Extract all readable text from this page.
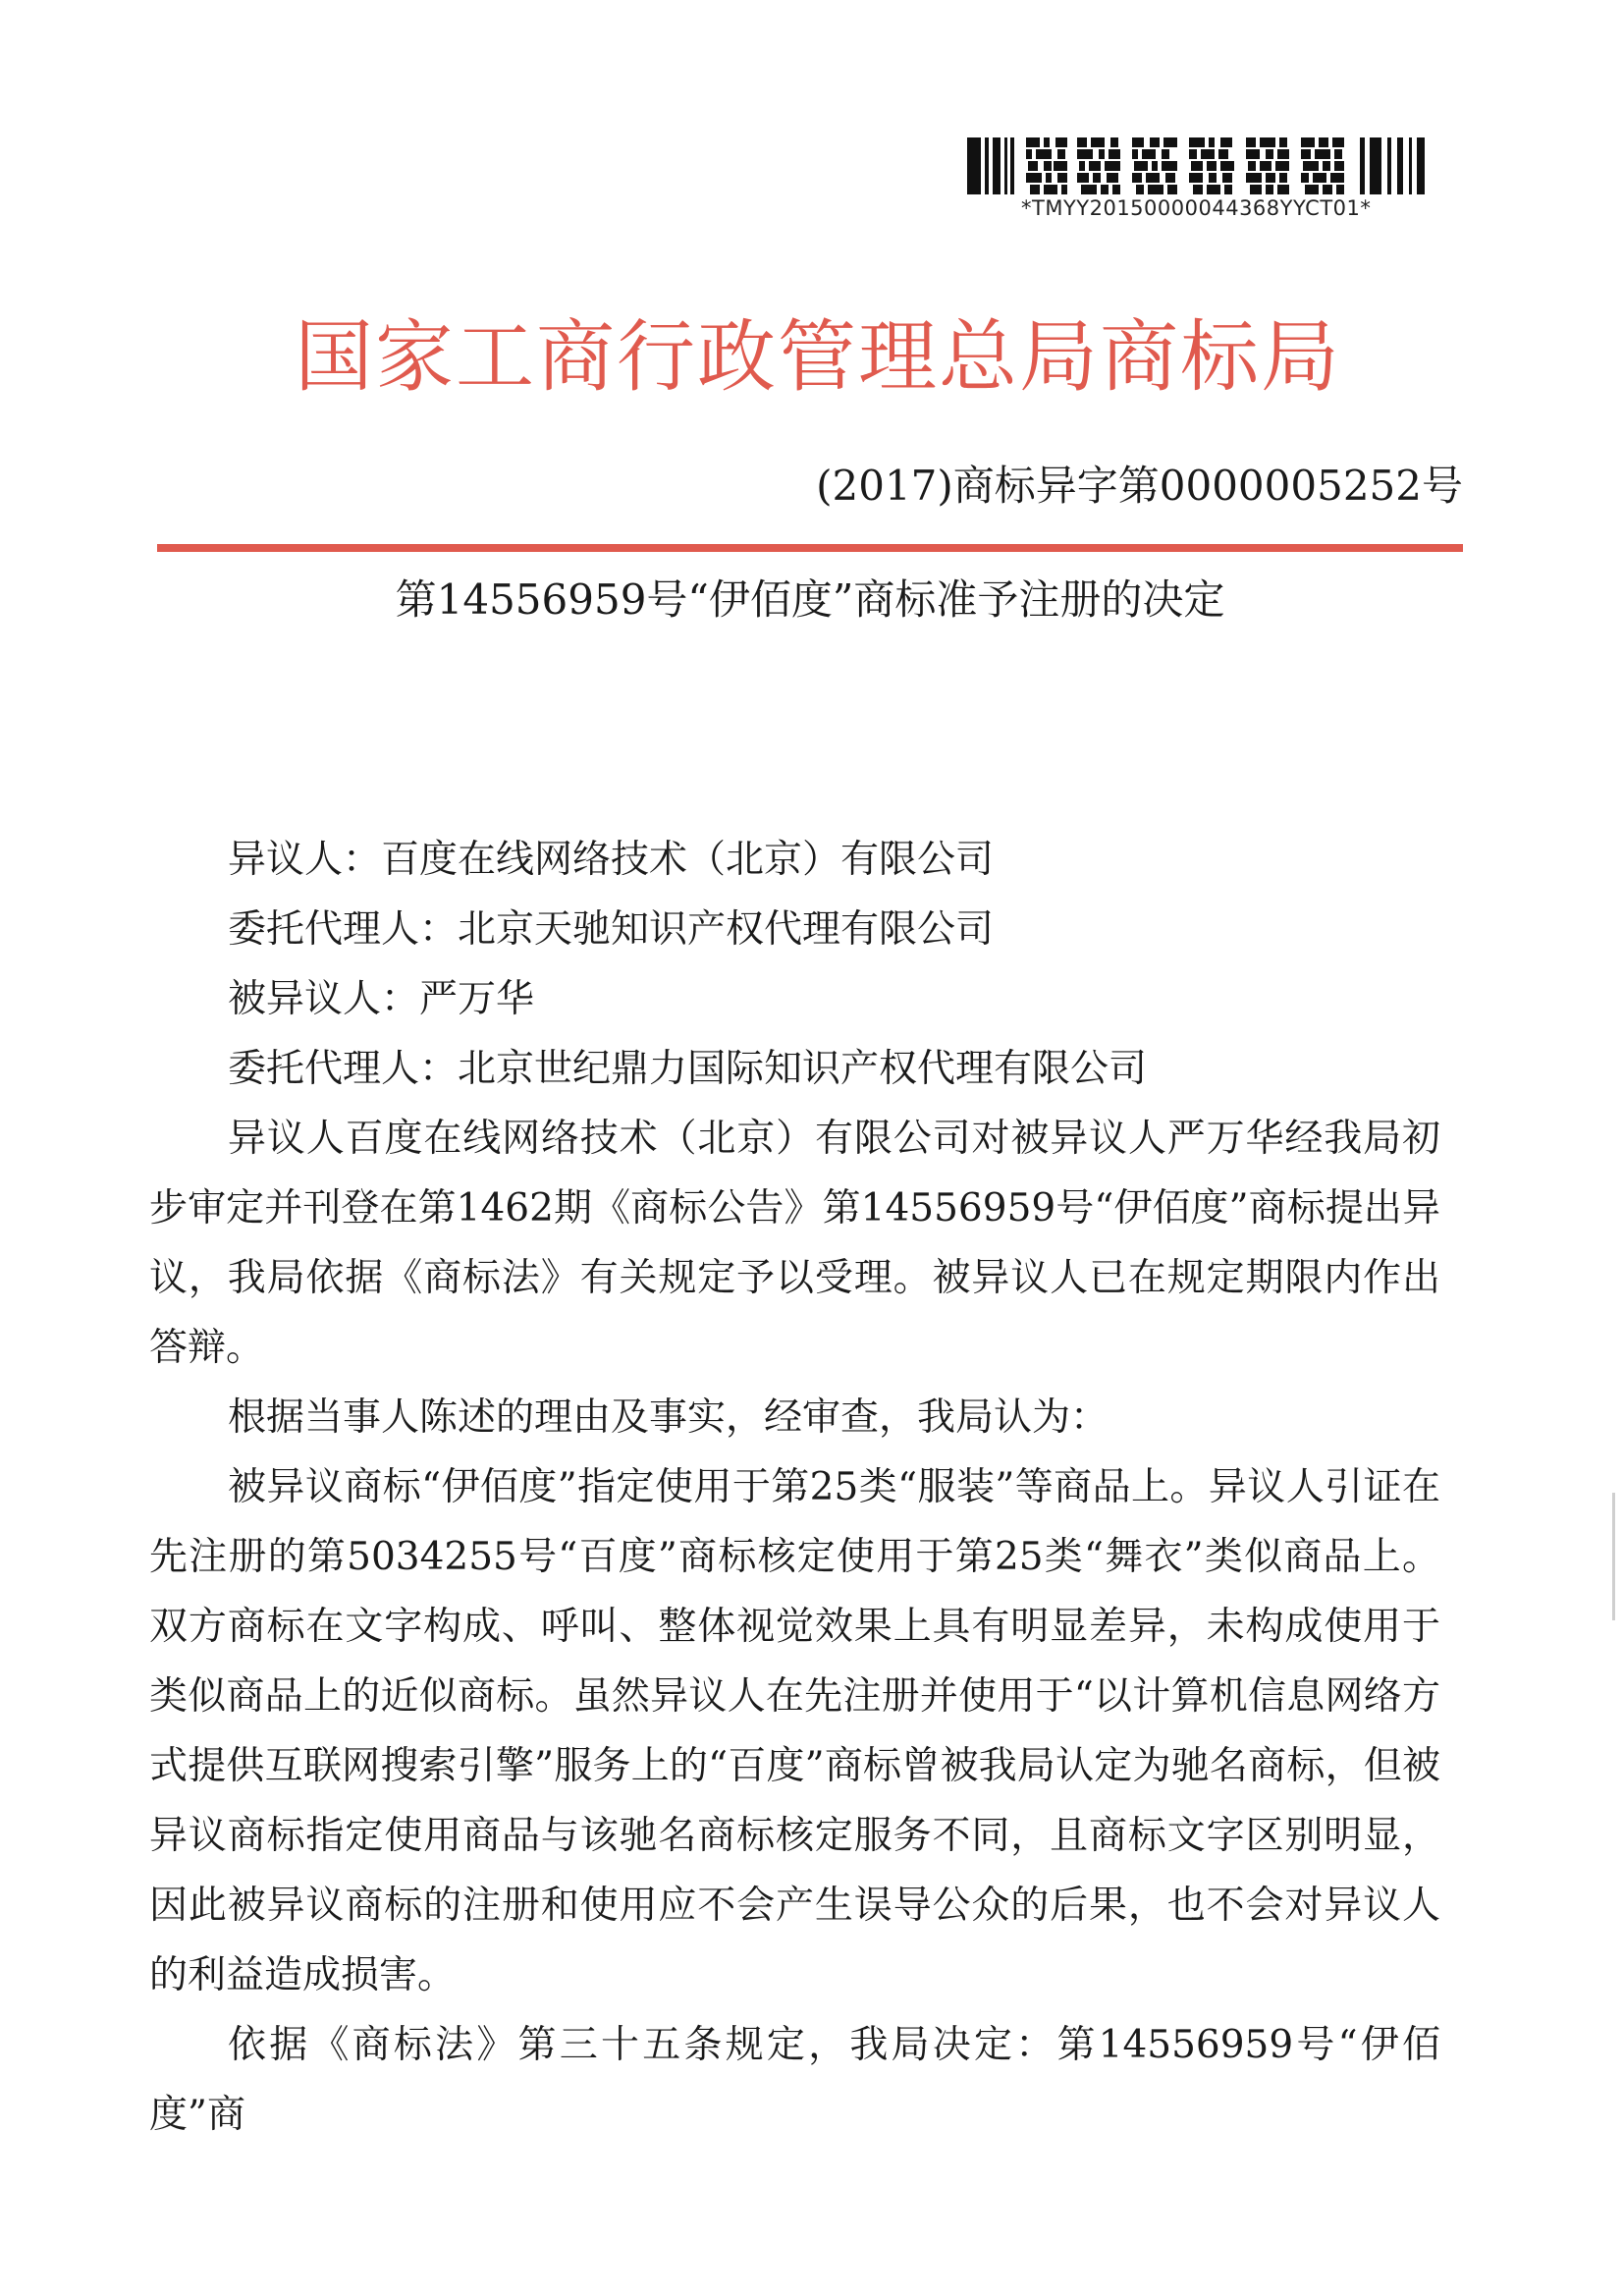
*TMYY20150000044368YYCT01*
国家工商行政管理总局商标局
(2017)商标异字第0000005252号
第14556959号“伊佰度”商标准予注册的决定

异议人：百度在线网络技术（北京）有限公司

委托代理人：北京天驰知识产权代理有限公司

被异议人：严万华

委托代理人：北京世纪鼎力国际知识产权代理有限公司

异议人百度在线网络技术（北京）有限公司对被异议人严万华经我局初步审定并刊登在第1462期《商标公告》第14556959号“伊佰度”商标提出异议，我局依据《商标法》有关规定予以受理。被异议人已在规定期限内作出答辩。

根据当事人陈述的理由及事实，经审查，我局认为：

被异议商标“伊佰度”指定使用于第25类“服装”等商品上。异议人引证在先注册的第5034255号“百度”商标核定使用于第25类“舞衣”类似商品上。双方商标在文字构成、呼叫、整体视觉效果上具有明显差异，未构成使用于类似商品上的近似商标。虽然异议人在先注册并使用于“以计算机信息网络方式提供互联网搜索引擎”服务上的“百度”商标曾被我局认定为驰名商标，但被异议商标指定使用商品与该驰名商标核定服务不同，且商标文字区别明显，因此被异议商标的注册和使用应不会产生误导公众的后果，也不会对异议人的利益造成损害。

依据《商标法》第三十五条规定，我局决定：第14556959号“伊佰度”商
